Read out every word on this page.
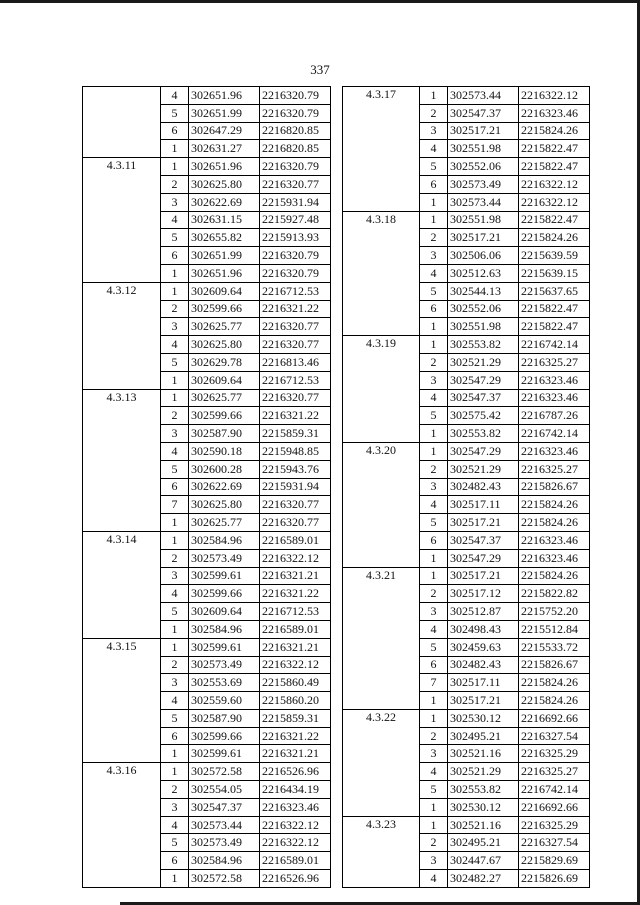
337
	4	302651.96	2216320.79
	5	302651.99	2216320.79
	6	302647.29	2216820.85
	1	302631.27	2216820.85
4.3.11	1	302651.96	2216320.79
	2	302625.80	2216320.77
	3	302622.69	2215931.94
	4	302631.15	2215927.48
	5	302655.82	2215913.93
	6	302651.99	2216320.79
	1	302651.96	2216320.79
4.3.12	1	302609.64	2216712.53
	2	302599.66	2216321.22
	3	302625.77	2216320.77
	4	302625.80	2216320.77
	5	302629.78	2216813.46
	1	302609.64	2216712.53
4.3.13	1	302625.77	2216320.77
	2	302599.66	2216321.22
	3	302587.90	2215859.31
	4	302590.18	2215948.85
	5	302600.28	2215943.76
	6	302622.69	2215931.94
	7	302625.80	2216320.77
	1	302625.77	2216320.77
4.3.14	1	302584.96	2216589.01
	2	302573.49	2216322.12
	3	302599.61	2216321.21
	4	302599.66	2216321.22
	5	302609.64	2216712.53
	1	302584.96	2216589.01
4.3.15	1	302599.61	2216321.21
	2	302573.49	2216322.12
	3	302553.69	2215860.49
	4	302559.60	2215860.20
	5	302587.90	2215859.31
	6	302599.66	2216321.22
	1	302599.61	2216321.21
4.3.16	1	302572.58	2216526.96
	2	302554.05	2216434.19
	3	302547.37	2216323.46
	4	302573.44	2216322.12
	5	302573.49	2216322.12
	6	302584.96	2216589.01
	1	302572.58	2216526.96
4.3.17	1	302573.44	2216322.12
	2	302547.37	2216323.46
	3	302517.21	2215824.26
	4	302551.98	2215822.47
	5	302552.06	2215822.47
	6	302573.49	2216322.12
	1	302573.44	2216322.12
4.3.18	1	302551.98	2215822.47
	2	302517.21	2215824.26
	3	302506.06	2215639.59
	4	302512.63	2215639.15
	5	302544.13	2215637.65
	6	302552.06	2215822.47
	1	302551.98	2215822.47
4.3.19	1	302553.82	2216742.14
	2	302521.29	2216325.27
	3	302547.29	2216323.46
	4	302547.37	2216323.46
	5	302575.42	2216787.26
	1	302553.82	2216742.14
4.3.20	1	302547.29	2216323.46
	2	302521.29	2216325.27
	3	302482.43	2215826.67
	4	302517.11	2215824.26
	5	302517.21	2215824.26
	6	302547.37	2216323.46
	1	302547.29	2216323.46
4.3.21	1	302517.21	2215824.26
	2	302517.12	2215822.82
	3	302512.87	2215752.20
	4	302498.43	2215512.84
	5	302459.63	2215533.72
	6	302482.43	2215826.67
	7	302517.11	2215824.26
	1	302517.21	2215824.26
4.3.22	1	302530.12	2216692.66
	2	302495.21	2216327.54
	3	302521.16	2216325.29
	4	302521.29	2216325.27
	5	302553.82	2216742.14
	1	302530.12	2216692.66
4.3.23	1	302521.16	2216325.29
	2	302495.21	2216327.54
	3	302447.67	2215829.69
	4	302482.27	2215826.69
